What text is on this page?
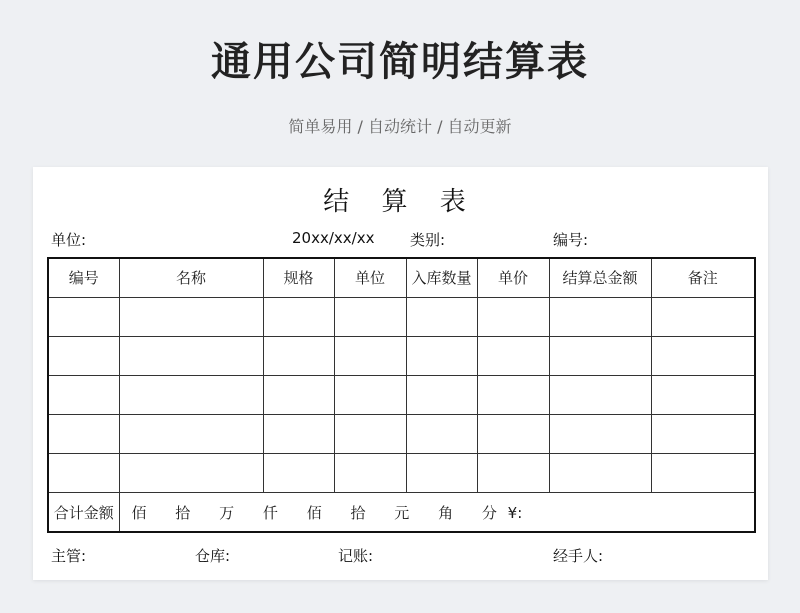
通用公司简明结算表
简单易用 / 自动统计 / 自动更新
结 算 表
单位:	20xx/xx/xx 类别:	编号:
编号	名称	规格	单位	入库数量	单价	结算总金额	备注

合计金额	佰 拾 万 仟 佰 拾 元 角 分 ¥:						
主管:	仓库:	记账:	经手人:
